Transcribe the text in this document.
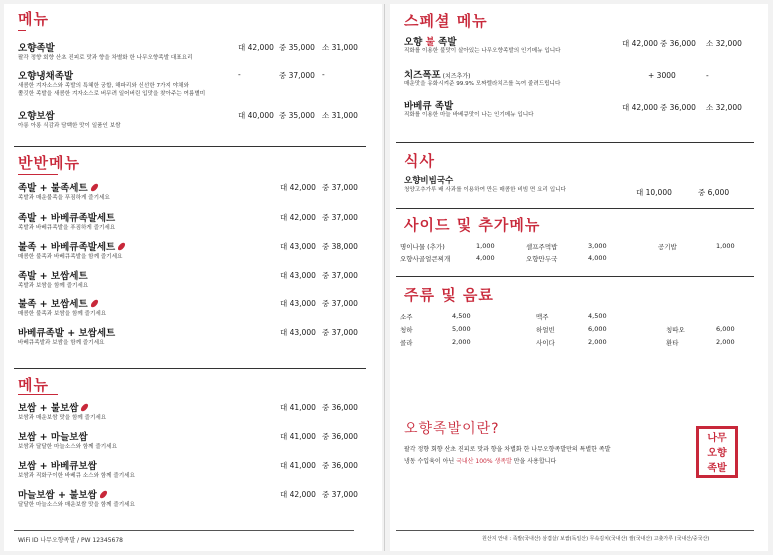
메뉴
오향족발
팔각 정향 회향 산초 진피로 맛과 향을 차별화 한 나무오향족발 대표요리
대 42,000 중 35,000 소 31,000
오향냉채족발
새콤한 겨자소스와 족발의 특혜한 궁합, 해파리와 신선한 7가지 야채와
쫄깃한 족발을 새콤한 겨자소스로 버무려 일어버린 입맛을 찾아주는 여름별미
-	중 37,000 -
오향보쌈
아롱 아롱 식감과 담백한 맛이 일품인 보쌈
대 40,000 중 35,000 소 31,000
반반메뉴
족발 + 불족세트
족발과 매운불족을 푸짐하게 즐기세요
대 42,000 중 37,000
족발 + 바베큐족발세트
족발과 바베큐족발을 푸짐하게 즐기세요
대 42,000 중 37,000
불족 + 바베큐족발세트
매콤한 불족과 바베큐족발을 함께 즐기세요
대 43,000 중 38,000
족발 + 보쌈세트
족발과 보쌈을 함께 즐기세요
대 43,000 중 37,000
불족 + 보쌈세트
매콤한 불족과 보쌈을 함께 즐기세요
대 43,000 중 37,000
바베큐족발 + 보쌈세트
바베큐족발과 보쌈을 함께 즐기세요
대 43,000 중 37,000
메뉴
보쌈 + 불보쌈
보쌈과 매운보쌈 맛을 함께 즐기세요
대 41,000 중 36,000
보쌈 + 마늘보쌈
보쌈과 달달한 마늘소스와 함께 즐기세요
대 41,000 중 36,000
보쌈 + 바베큐보쌈
보쌈과 직화구이한 바베큐 소스와 함께 즐기세요
대 41,000 중 36,000
마늘보쌈 + 불보쌈
달달한 마늘소스와 매운보쌈 맛을 함께 즐기세요
대 42,000 중 37,000
WiFi ID 나무오향족발 / PW 12345678
스페셜 메뉴
오향 불 족발
직화를 이용한 불맛이 살아있는 나무오향족발의 인기메뉴 입니다
대 42,000 중 36,000 소 32,000
치즈폭포 (치즈추가)
매운맛을 유화시켜준 99.9% 모짜렐라치즈를 녹여 줄려드립니다
+ 3000	-
바베큐 족발
직화를 이용한 마늘 바베큐맛이 나는 인기메뉴 입니다
대 42,000 중 36,000 소 32,000
식사
오향비빔국수
청양고추가루 배 사과를 이용하여 만든 매콤한 비빔 면 요리 입니다	대 10,000	중 6,000
사이드 및 추가메뉴
명이나물 (추가)	1,000	셀프주먹밥	3,000	공기밥	1,000
오향사골얼큰찌개	4,000	오향만두국	4,000
주류 및 음료
소주	4,500	맥주	4,500
청하	5,000	하얼빈	6,000	칭따오	6,000
콜라	2,000	사이다	2,000	환타	2,000
오향족발이란?
팔각 정향 회향 산초 진피로 맛과 향을 차별화 한 나무오향족발만의 특별한 족발
냉동 수입육이 아닌 국내산 100% 생족발 만을 사용합니다
나무
오향
족발
원산지 안내 : 족발(국내산) 삼겹살/ 보쌈(독일산) 무속김치(국내산) 쌀(국내산) 고춧가루 (국내산/중국산)
